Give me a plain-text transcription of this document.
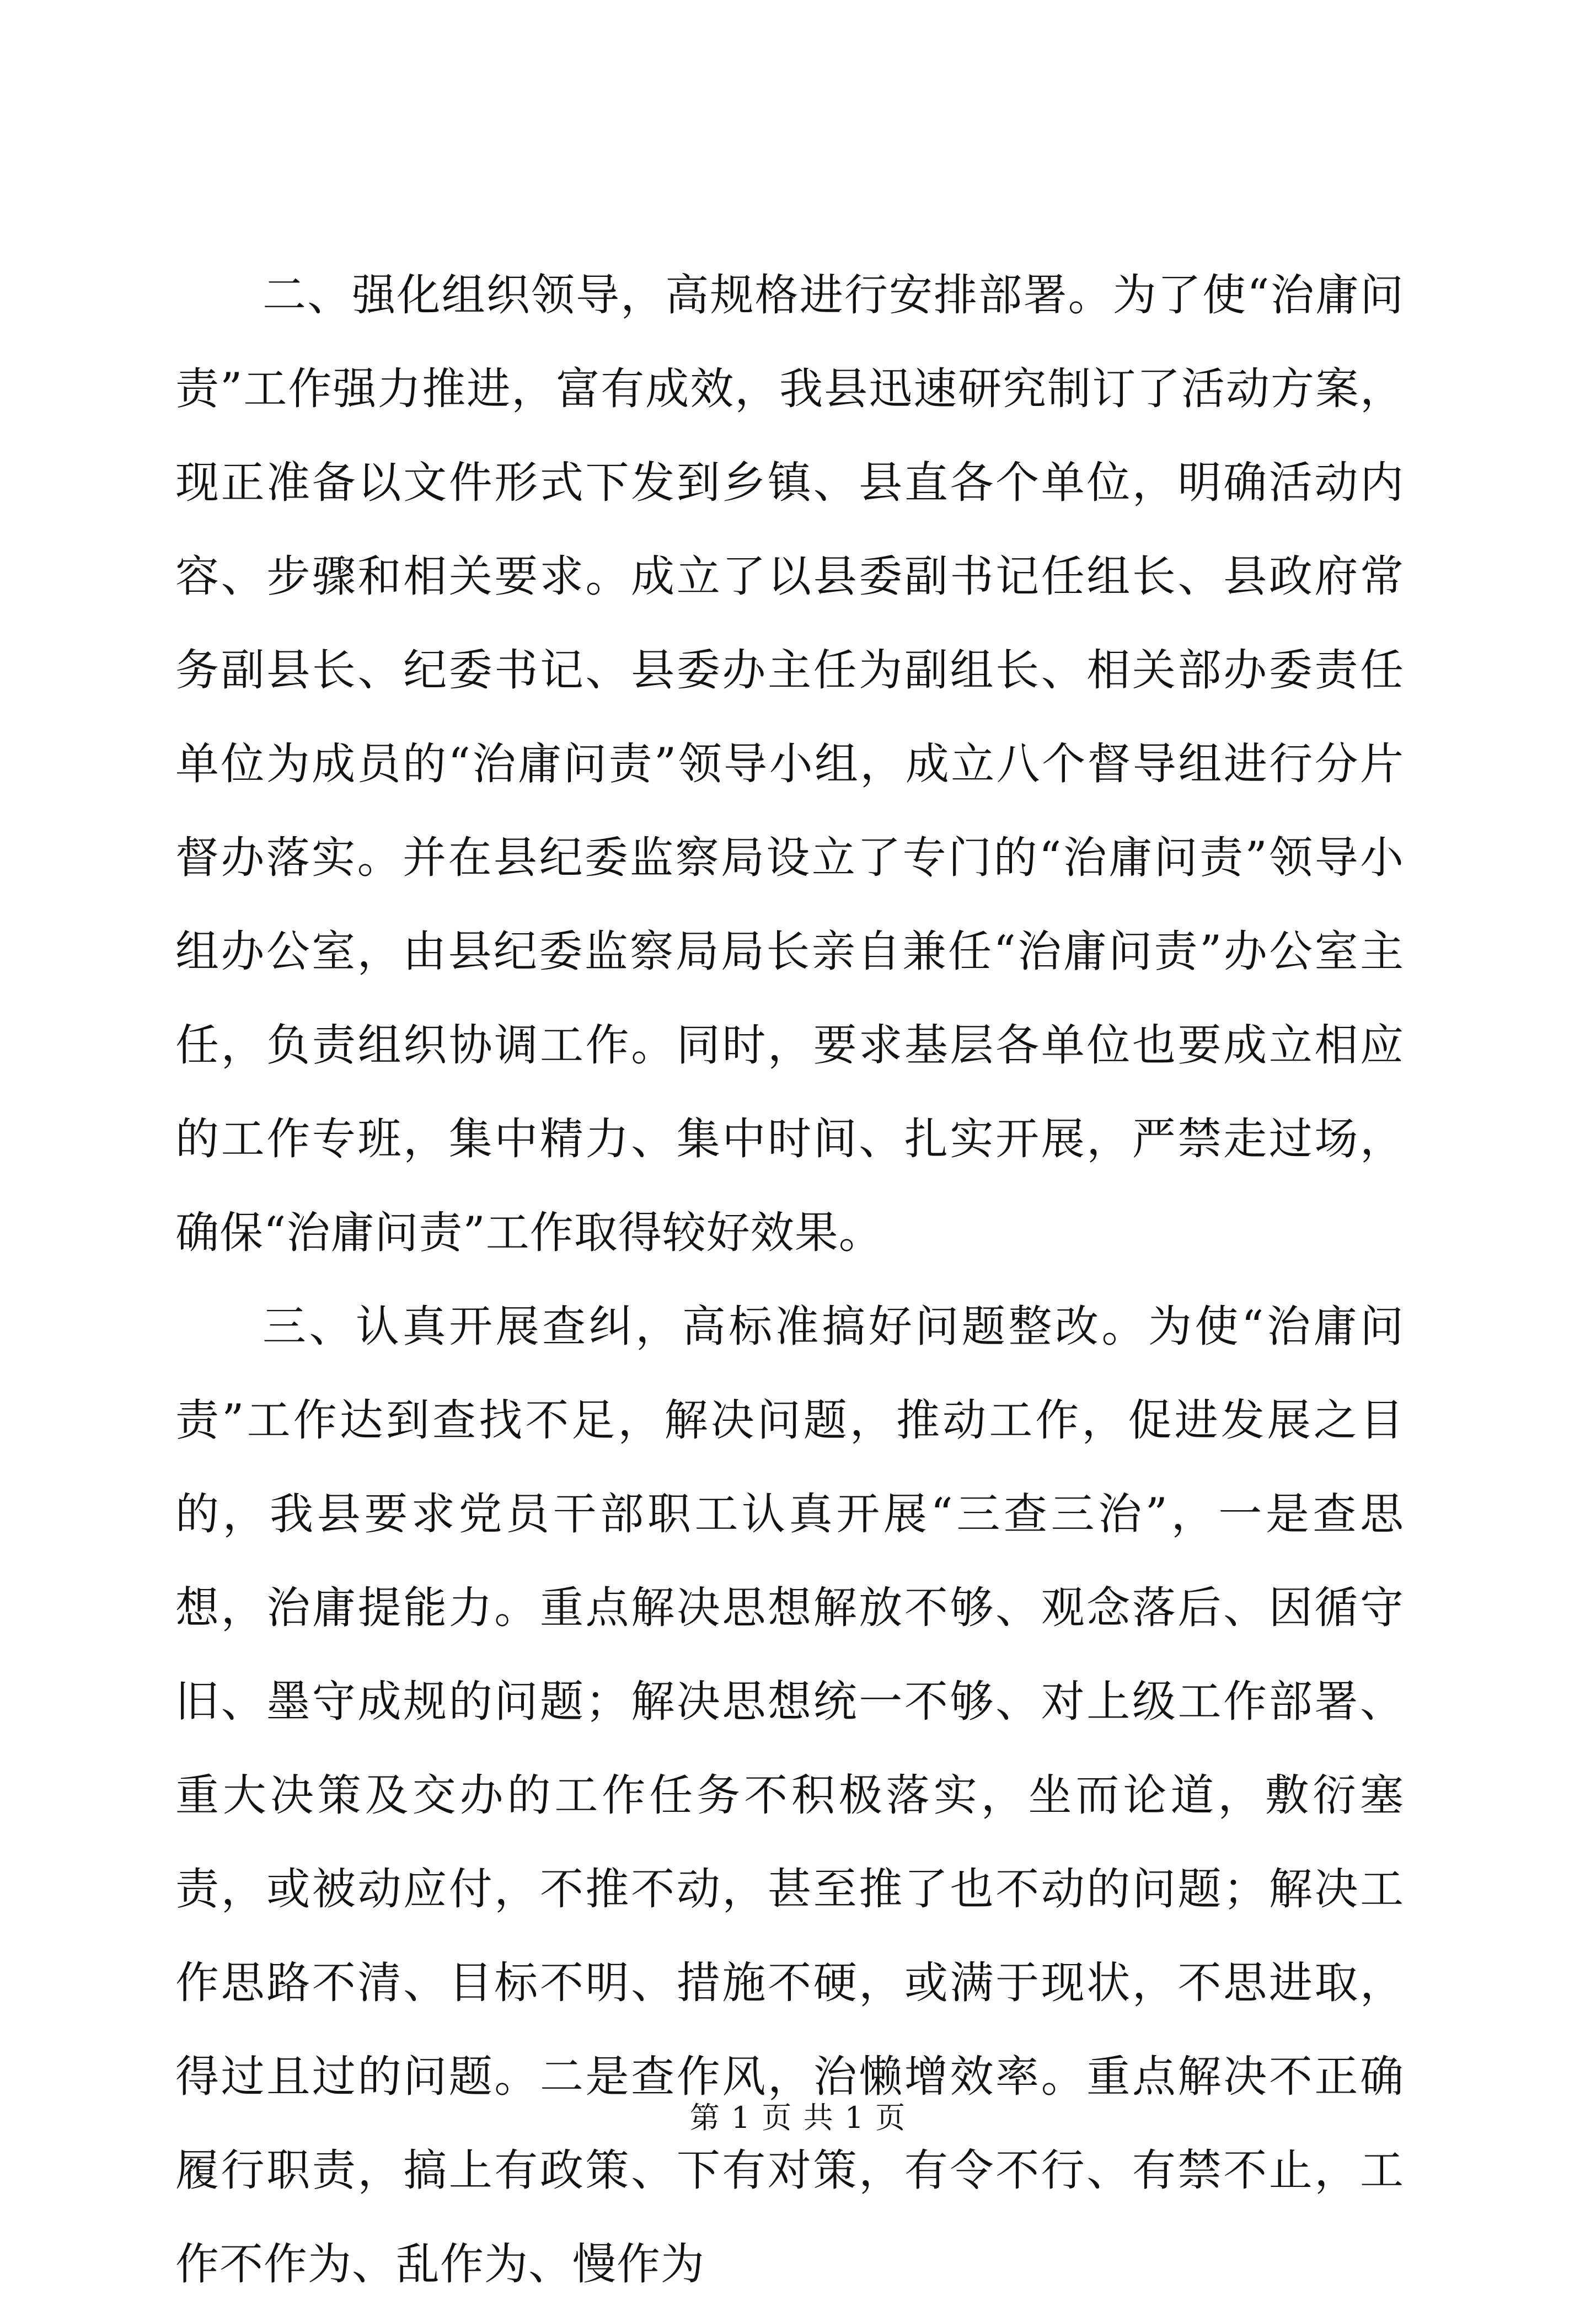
二、强化组织领导，高规格进行安排部署。为了使“治庸问责”工作强力推进，富有成效，我县迅速研究制订了活动方案，现正准备以文件形式下发到乡镇、县直各个单位，明确活动内容、步骤和相关要求。成立了以县委副书记任组长、县政府常务副县长、纪委书记、县委办主任为副组长、相关部办委责任单位为成员的“治庸问责”领导小组，成立八个督导组进行分片督办落实。并在县纪委监察局设立了专门的“治庸问责”领导小组办公室，由县纪委监察局局长亲自兼任“治庸问责”办公室主任，负责组织协调工作。同时，要求基层各单位也要成立相应的工作专班，集中精力、集中时间、扎实开展，严禁走过场，确保“治庸问责”工作取得较好效果。

三、认真开展查纠，高标准搞好问题整改。为使“治庸问责”工作达到查找不足，解决问题，推动工作，促进发展之目的，我县要求党员干部职工认真开展“三查三治”，一是查思想，治庸提能力。重点解决思想解放不够、观念落后、因循守旧、墨守成规的问题；解决思想统一不够、对上级工作部署、重大决策及交办的工作任务不积极落实，坐而论道，敷衍塞责，或被动应付，不推不动，甚至推了也不动的问题；解决工作思路不清、目标不明、措施不硬，或满于现状，不思进取，得过且过的问题。二是查作风，治懒增效率。重点解决不正确履行职责，搞上有政策、下有对策，有令不行、有禁不止，工作不作为、乱作为、慢作为

第 1 页 共 1 页
